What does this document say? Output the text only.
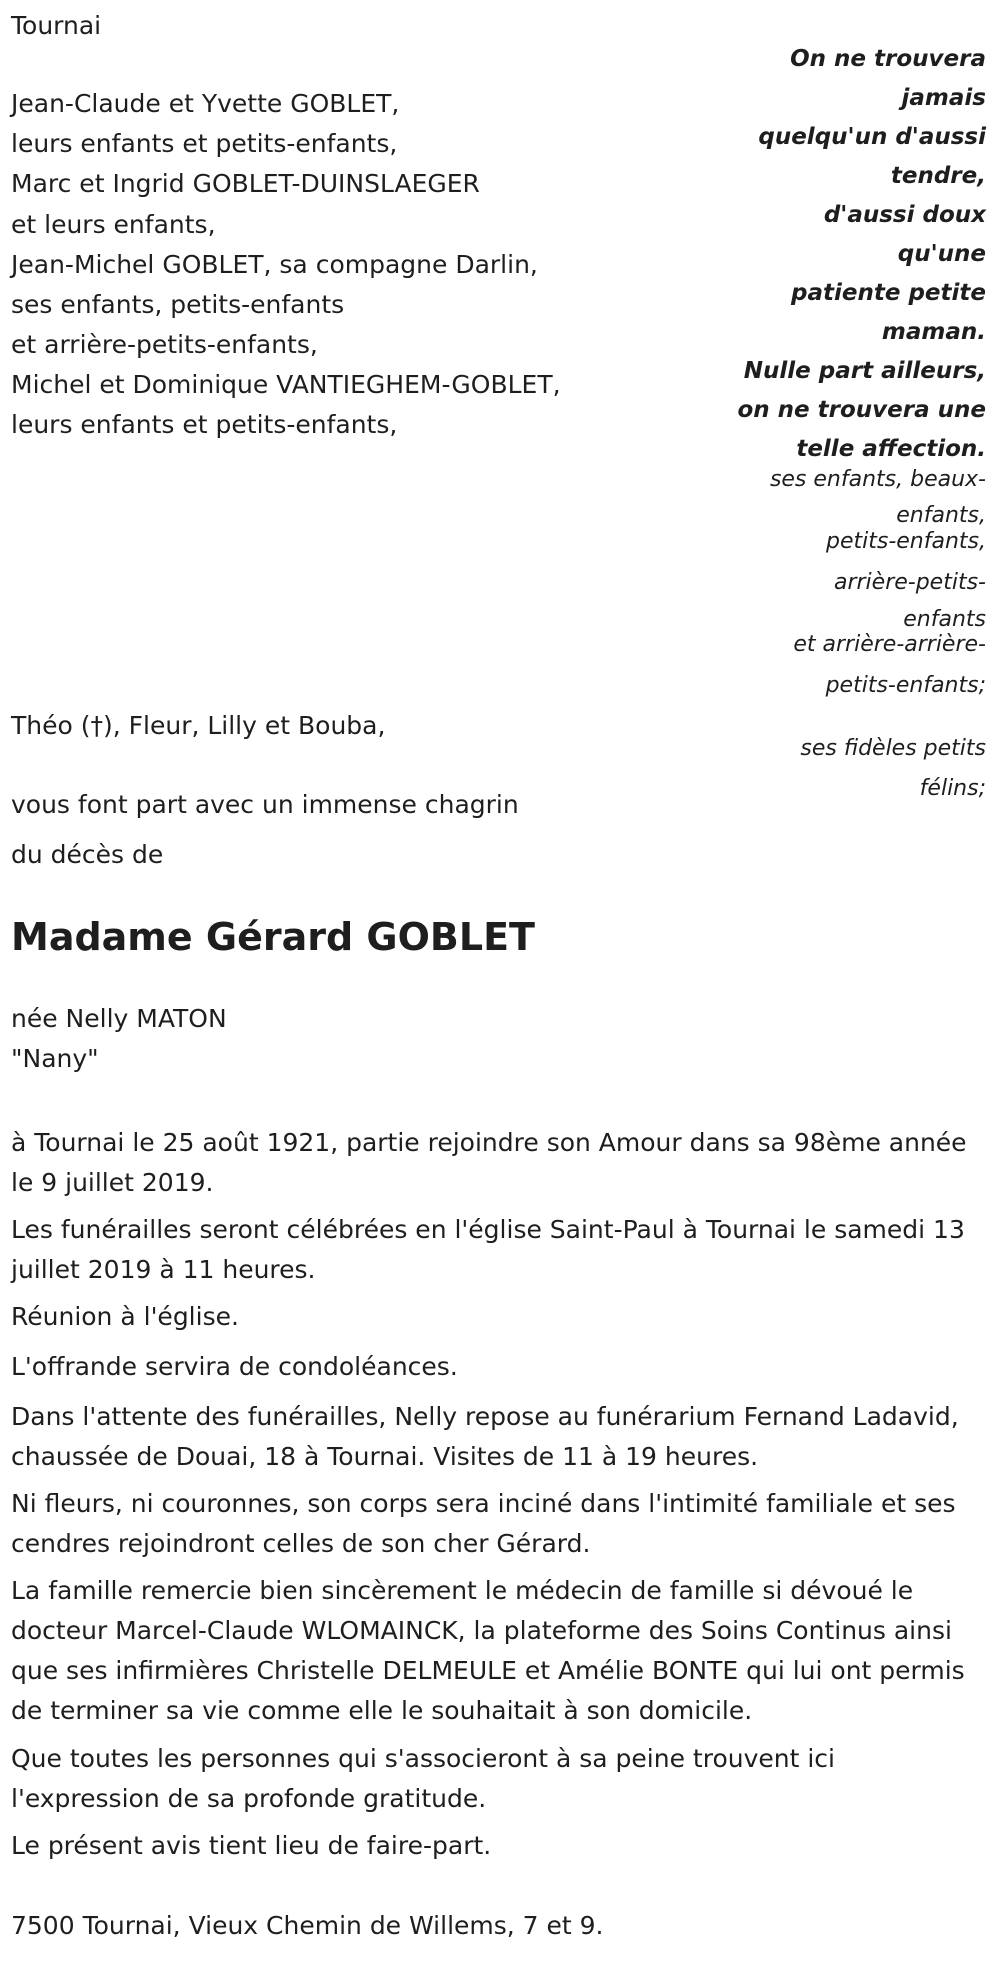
Tournai
Jean-Claude et Yvette GOBLET,
leurs enfants et petits-enfants,
Marc et Ingrid GOBLET-DUINSLAEGER
et leurs enfants,
Jean-Michel GOBLET, sa compagne Darlin,
ses enfants, petits-enfants
et arrière-petits-enfants,
Michel et Dominique VANTIEGHEM-GOBLET,
leurs enfants et petits-enfants,
On ne trouvera
jamais
quelqu'un d'aussi
tendre,
d'aussi doux
qu'une
patiente petite
maman.
Nulle part ailleurs,
on ne trouvera une
telle affection.
ses enfants, beaux-
enfants,
petits-enfants,
arrière-petits-
enfants
et arrière-arrière-
petits-enfants;
ses fidèles petits
félins;
Théo (†), Fleur, Lilly et Bouba,
vous font part avec un immense chagrin
du décès de
Madame Gérard GOBLET
née Nelly MATON
"Nany"
à Tournai le 25 août 1921, partie rejoindre son Amour dans sa 98ème année le 9 juillet 2019.
Les funérailles seront célébrées en l'église Saint-Paul à Tournai le samedi 13 juillet 2019 à 11 heures.
Réunion à l'église.
L'offrande servira de condoléances.
Dans l'attente des funérailles, Nelly repose au funérarium Fernand Ladavid, chaussée de Douai, 18 à Tournai. Visites de 11 à 19 heures.
Ni fleurs, ni couronnes, son corps sera inciné dans l'intimité familiale et ses cendres rejoindront celles de son cher Gérard.
La famille remercie bien sincèrement le médecin de famille si dévoué le docteur Marcel-Claude WLOMAINCK, la plateforme des Soins Continus ainsi que ses infirmières Christelle DELMEULE et Amélie BONTE qui lui ont permis de terminer sa vie comme elle le souhaitait à son domicile.
Que toutes les personnes qui s'associeront à sa peine trouvent ici l'expression de sa profonde gratitude.
Le présent avis tient lieu de faire-part.
7500 Tournai, Vieux Chemin de Willems, 7 et 9.
